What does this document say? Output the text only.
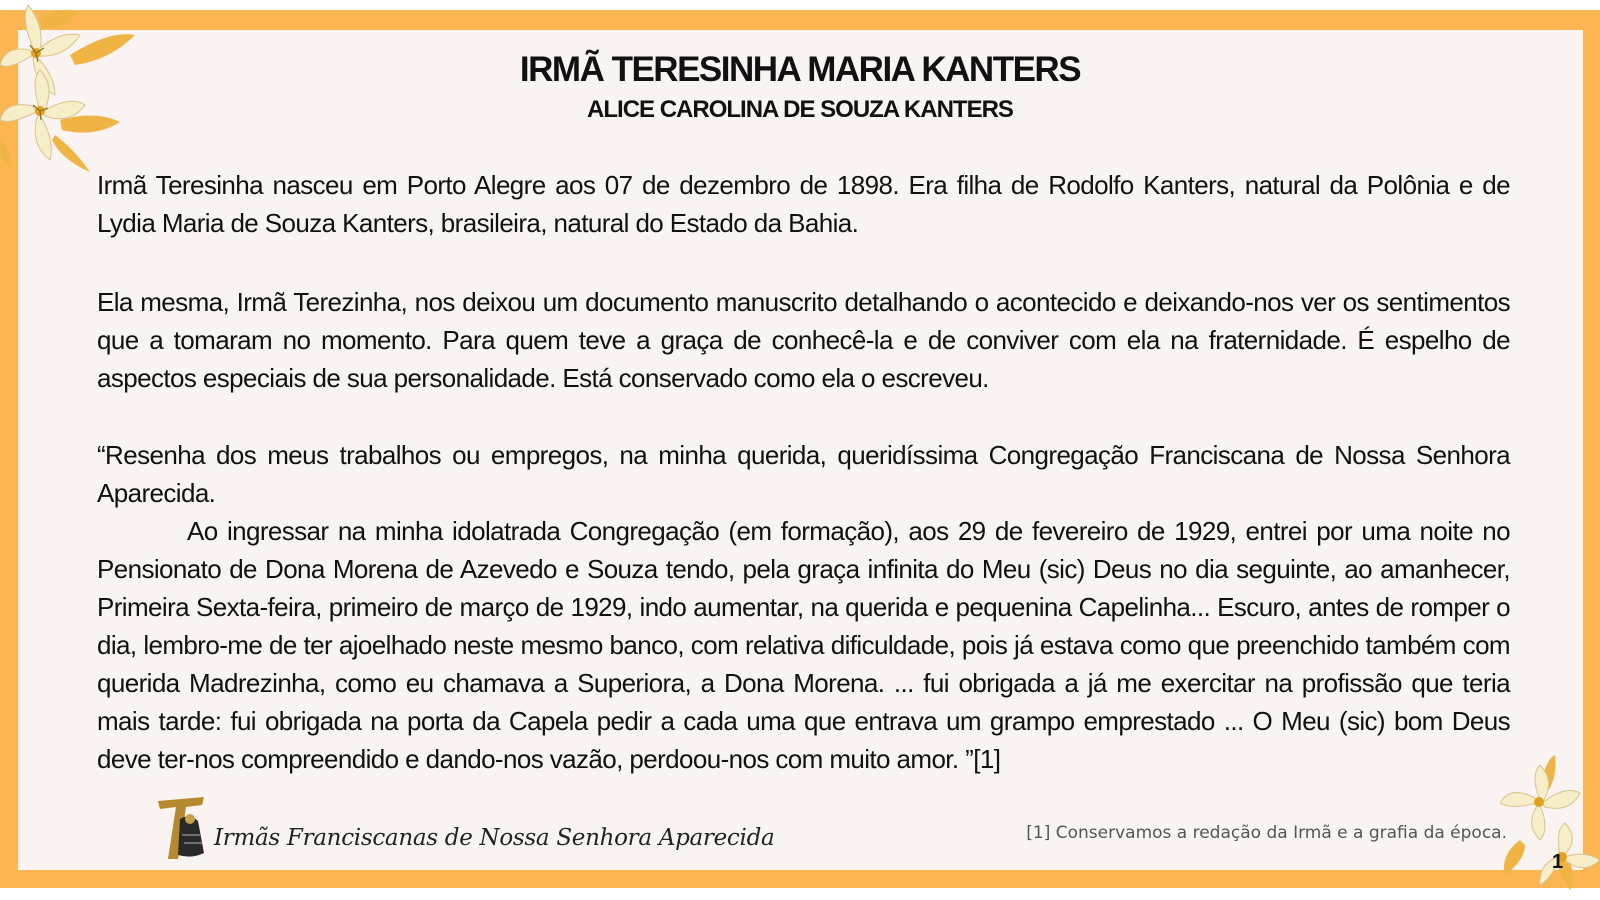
IRMÃ TERESINHA MARIA KANTERS
ALICE CAROLINA DE SOUZA KANTERS
Irmã Teresinha nasceu em Porto Alegre aos 07 de dezembro de 1898. Era filha de Rodolfo Kanters, natural da Polônia e de Lydia Maria de Souza Kanters, brasileira, natural do Estado da Bahia.
Ela mesma, Irmã Terezinha, nos deixou um documento manuscrito detalhando o acontecido e deixando-nos ver os sentimentos que a tomaram no momento. Para quem teve a graça de conhecê-la e de conviver com ela na fraternidade. É espelho de aspectos especiais de sua personalidade. Está conservado como ela o escreveu.
“Resenha dos meus trabalhos ou empregos, na minha querida, queridíssima Congregação Franciscana de Nossa Senhora Aparecida.
Ao ingressar na minha idolatrada Congregação (em formação), aos 29 de fevereiro de 1929, entrei por uma noite no Pensionato de Dona Morena de Azevedo e Souza tendo, pela graça infinita do Meu (sic) Deus no dia seguinte, ao amanhecer, Primeira Sexta-feira, primeiro de março de 1929, indo aumentar, na querida e pequenina Capelinha... Escuro, antes de romper o dia, lembro-me de ter ajoelhado neste mesmo banco, com relativa dificuldade, pois já estava como que preenchido também com querida Madrezinha, como eu chamava a Superiora, a Dona Morena. ... fui obrigada a já me exercitar na profissão que teria mais tarde: fui obrigada na porta da Capela pedir a cada uma que entrava um grampo emprestado ... O Meu (sic) bom Deus deve ter-nos compreendido e dando-nos vazão, perdoou-nos com muito amor. ”[1]
Irmãs Franciscanas de Nossa Senhora Aparecida	[1] Conservamos a redação da Irmã e a grafia da época.
1
